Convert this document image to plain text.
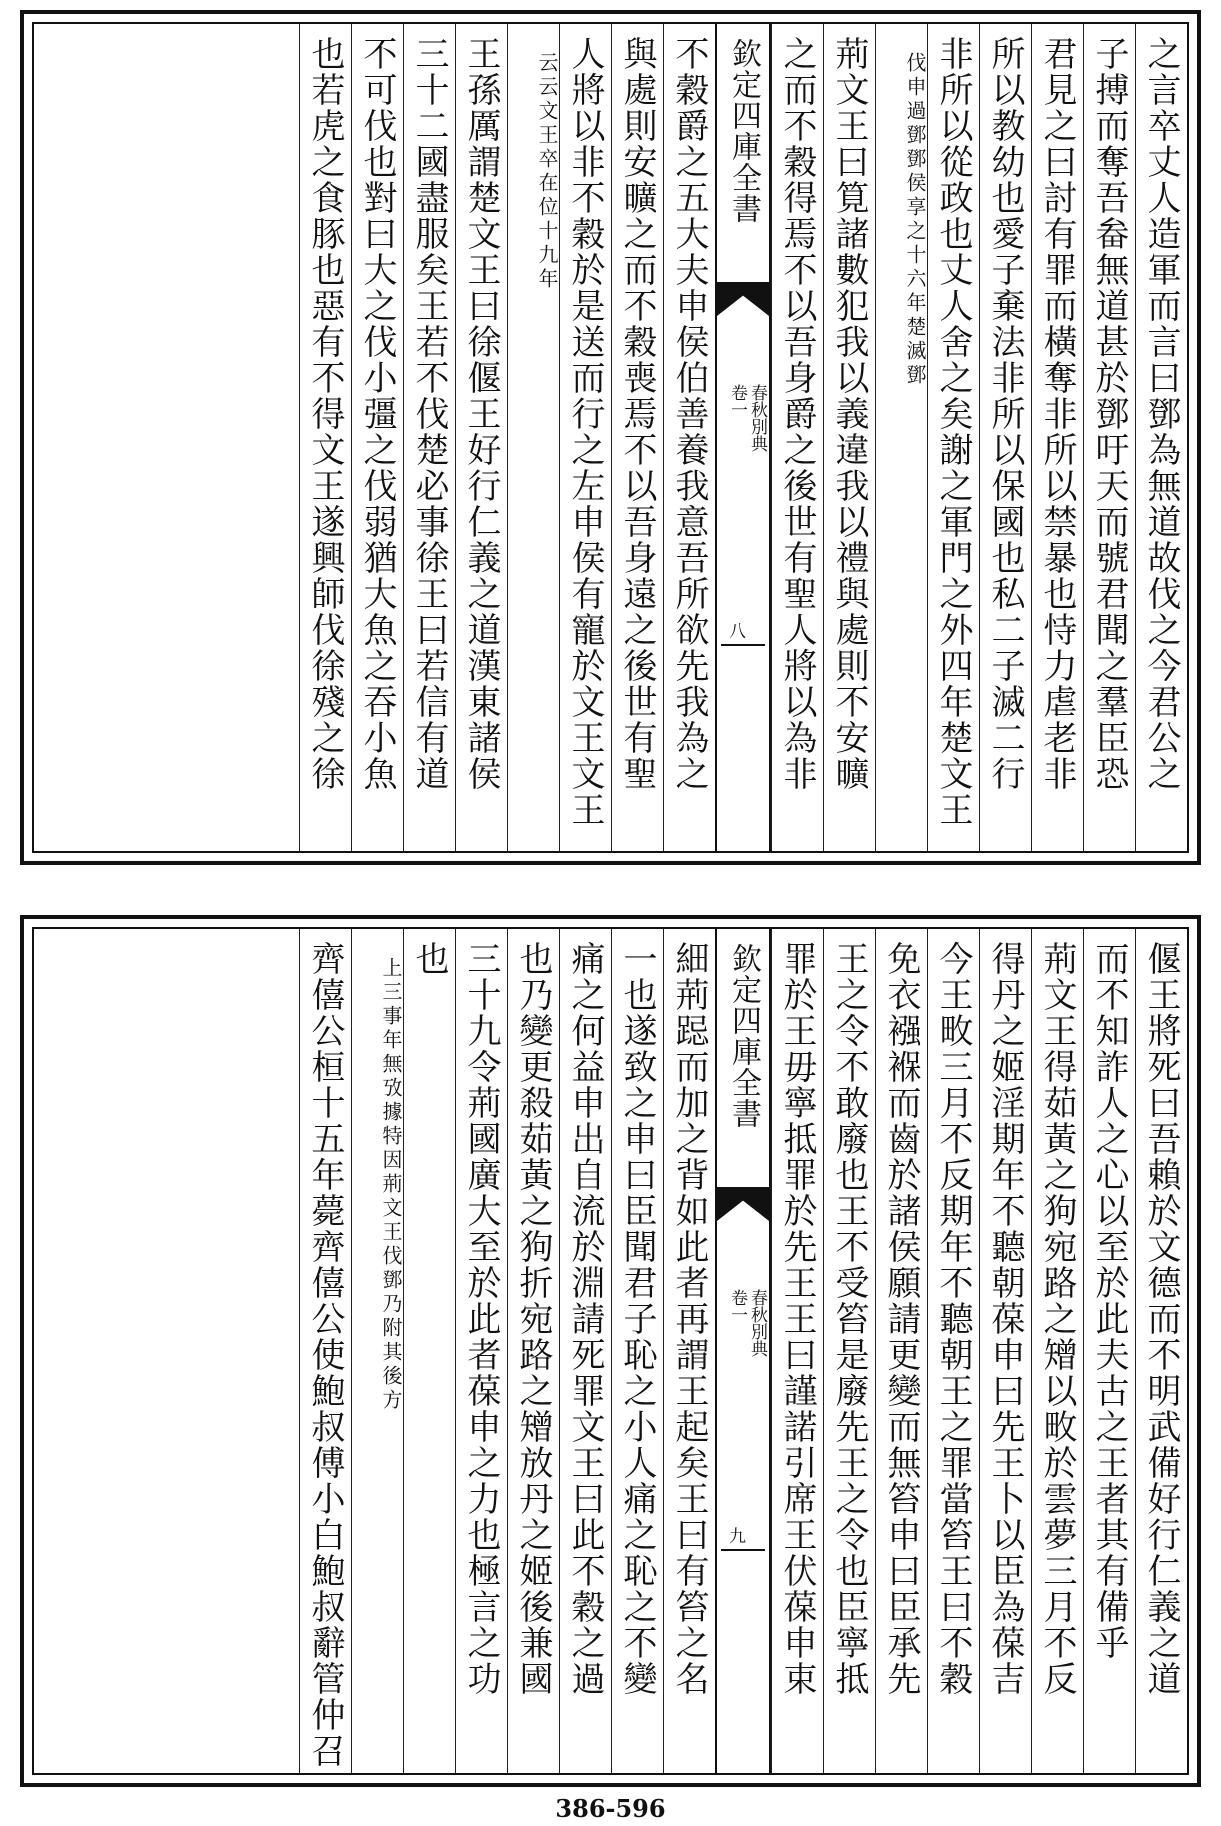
之言卒丈人造軍而言曰鄧為無道故伐之今君公之
子搏而奪吾畚無道甚於鄧吁天而號君聞之羣臣恐
君見之曰討有罪而橫奪非所以禁暴也恃力虐老非
所以教幼也愛子棄法非所以保國也私二子滅二行
非所以從政也丈人舍之矣謝之軍門之外四年楚文王
伐申過鄧鄧侯享之十六年楚滅鄧
荊文王曰筧諸數犯我以義違我以禮與處則不安曠
之而不穀得焉不以吾身爵之後世有聖人將以為非
欽定四庫全書
春秋別典
卷一
八
不穀爵之五大夫申侯伯善養我意吾所欲先我為之
與處則安曠之而不穀喪焉不以吾身遠之後世有聖
人將以非不穀於是送而行之左申侯有寵於文王文王
云云文王卒在位十九年
王孫厲謂楚文王曰徐偃王好行仁義之道漢東諸侯
三十二國盡服矣王若不伐楚必事徐王曰若信有道
不可伐也對曰大之伐小彊之伐弱猶大魚之吞小魚
也若虎之食豚也惡有不得文王遂興師伐徐殘之徐
偃王將死曰吾賴於文德而不明武備好行仁義之道
而不知詐人之心以至於此夫古之王者其有備乎
荊文王得茹黃之狗宛路之矰以畋於雲夢三月不反
得丹之姬淫期年不聽朝葆申曰先王卜以臣為葆吉
今王畋三月不反期年不聽朝王之罪當笞王曰不穀
免衣襁褓而齒於諸侯願請更變而無笞申曰臣承先
王之令不敢廢也王不受笞是廢先王之令也臣寧抵
罪於王毋寧抵罪於先王王曰謹諾引席王伏葆申束
欽定四庫全書
春秋別典
卷一
九
細荊跽而加之背如此者再謂王起矣王曰有笞之名
一也遂致之申曰臣聞君子恥之小人痛之恥之不變
痛之何益申出自流於淵請死罪文王曰此不穀之過
也乃變更殺茹黃之狗折宛路之矰放丹之姬後兼國
三十九令荊國廣大至於此者葆申之力也極言之功
也
上三事年無攷據特因荊文王伐鄧乃附其後方
齊僖公桓十五年薨齊僖公使鮑叔傅小白鮑叔辭管仲召
386-596
